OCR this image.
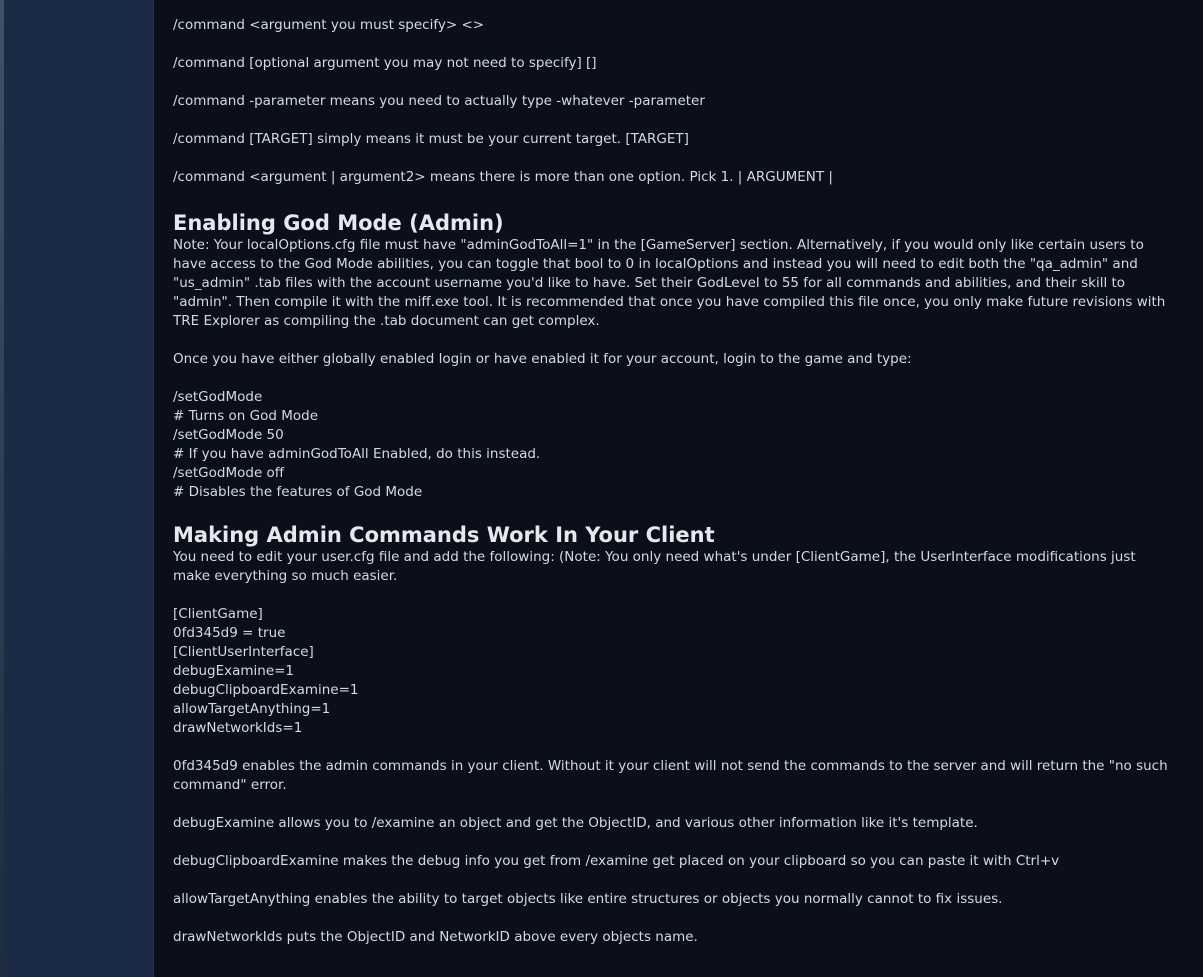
/command <argument you must specify> <>

/command [optional argument you may not need to specify] []

/command -parameter means you need to actually type -whatever -parameter

/command [TARGET] simply means it must be your current target. [TARGET]

/command <argument | argument2> means there is more than one option. Pick 1. | ARGUMENT |

Enabling God Mode (Admin)

Note: Your localOptions.cfg file must have "adminGodToAll=1" in the [GameServer] section. Alternatively, if you would only like certain users to have access to the God Mode abilities, you can toggle that bool to 0 in localOptions and instead you will need to edit both the "qa_admin" and "us_admin" .tab files with the account username you'd like to have. Set their GodLevel to 55 for all commands and abilities, and their skill to "admin". Then compile it with the miff.exe tool. It is recommended that once you have compiled this file once, you only make future revisions with TRE Explorer as compiling the .tab document can get complex.

Once you have either globally enabled login or have enabled it for your account, login to the game and type:

/setGodMode
# Turns on God Mode
/setGodMode 50
# If you have adminGodToAll Enabled, do this instead.
/setGodMode off
# Disables the features of God Mode
Making Admin Commands Work In Your Client

You need to edit your user.cfg file and add the following: (Note: You only need what's under [ClientGame], the UserInterface modifications just make everything so much easier.

[ClientGame]
0fd345d9 = true
[ClientUserInterface]
debugExamine=1
debugClipboardExamine=1
allowTargetAnything=1
drawNetworkIds=1

0fd345d9 enables the admin commands in your client. Without it your client will not send the commands to the server and will return the "no such command" error.

debugExamine allows you to /examine an object and get the ObjectID, and various other information like it's template.

debugClipboardExamine makes the debug info you get from /examine get placed on your clipboard so you can paste it with Ctrl+v

allowTargetAnything enables the ability to target objects like entire structures or objects you normally cannot to fix issues.

drawNetworkIds puts the ObjectID and NetworkID above every objects name.
